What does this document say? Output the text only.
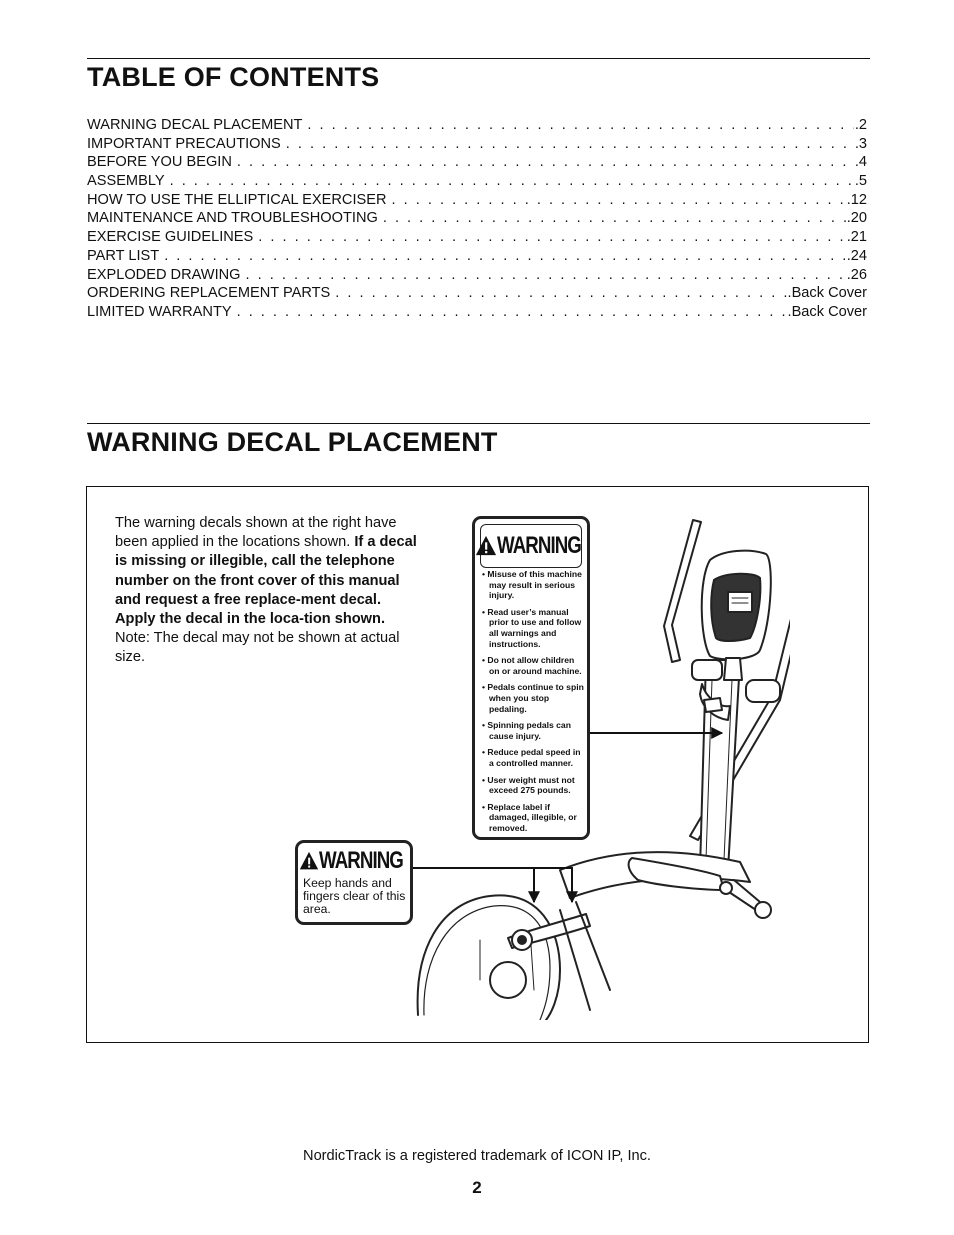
TABLE OF CONTENTS
WARNING DECAL PLACEMENT . . .	.2
IMPORTANT PRECAUTIONS . . .	.3
BEFORE YOU BEGIN . . .	.4
ASSEMBLY . . .	.5
HOW TO USE THE ELLIPTICAL EXERCISER . . .	.12
MAINTENANCE AND TROUBLESHOOTING . . .	.20
EXERCISE GUIDELINES . . .	.21
PART LIST . . .	.24
EXPLODED DRAWING . . .	.26
ORDERING REPLACEMENT PARTS . . .	.Back Cover
LIMITED WARRANTY . . .	.Back Cover
WARNING DECAL PLACEMENT

The warning decals shown at the right have been applied in the locations shown. If a decal is missing or illegible, call the telephone number on the front cover of this manual and request a free replace-ment decal. Apply the decal in the loca-tion shown. Note: The decal may not be shown at actual size.

WARNING
• Misuse of this machine may result in serious injury.
• Read user’s manual prior to use and follow all warnings and instructions.
• Do not allow children on or around machine.
• Pedals continue to spin when you stop pedaling.
• Spinning pedals can cause injury.
• Reduce pedal speed in a controlled manner.
• User weight must not exceed 275 pounds.
• Replace label if damaged, illegible, or removed.
WARNING

Keep hands and fingers clear of this area.

NordicTrack is a registered trademark of ICON IP, Inc.

2
